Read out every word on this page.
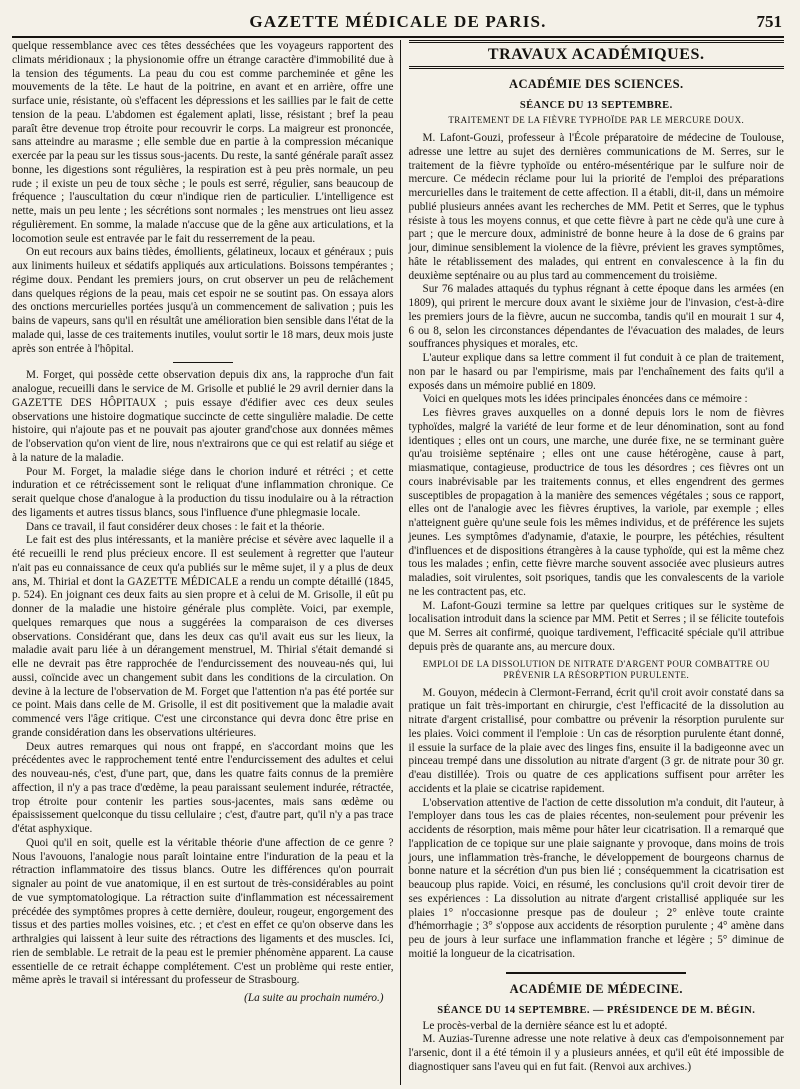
GAZETTE MÉDICALE DE PARIS.	751

quelque ressemblance avec ces têtes desséchées que les voyageurs rapportent des climats méridionaux ; la physionomie offre un étrange caractère d'immobilité due à la tension des téguments. La peau du cou est comme parcheminée et gêne les mouvements de la tête. Le haut de la poitrine, en avant et en arrière, offre une surface unie, résistante, où s'effacent les dépressions et les saillies par le fait de cette tension de la peau. L'abdomen est également aplati, lisse, résistant ; bref la peau paraît être devenue trop étroite pour recouvrir le corps. La maigreur est prononcée, sans atteindre au marasme ; elle semble due en partie à la compression mécanique exercée par la peau sur les tissus sous-jacents. Du reste, la santé générale paraît assez bonne, les digestions sont régulières, la respiration est à peu près normale, un peu rude ; il existe un peu de toux sèche ; le pouls est serré, régulier, sans beaucoup de fréquence ; l'auscultation du cœur n'indique rien de particulier. L'intelligence est nette, mais un peu lente ; les sécrétions sont normales ; les menstrues ont lieu assez régulièrement. En somme, la malade n'accuse que de la gêne aux articulations, et la locomotion seule est entravée par le fait du resserrement de la peau.

On eut recours aux bains tièdes, émollients, gélatineux, locaux et généraux ; puis aux liniments huileux et sédatifs appliqués aux articulations. Boissons tempérantes ; régime doux. Pendant les premiers jours, on crut observer un peu de relâchement dans quelques régions de la peau, mais cet espoir ne se soutint pas. On essaya alors des onctions mercurielles portées jusqu'à un commencement de salivation ; puis les bains de vapeurs, sans qu'il en résultât une amélioration bien sensible dans l'état de la malade qui, lasse de ces traitements inutiles, voulut sortir le 18 mars, deux mois juste après son entrée à l'hôpital.

M. Forget, qui possède cette observation depuis dix ans, la rapproche d'un fait analogue, recueilli dans le service de M. Grisolle et publié le 29 avril dernier dans la GAZETTE DES HÔPITAUX ; puis essaye d'édifier avec ces deux seules observations une histoire dogmatique succincte de cette singulière maladie. De cette histoire, qui n'ajoute pas et ne pouvait pas ajouter grand'chose aux données mêmes de l'observation qu'on vient de lire, nous n'extrairons que ce qui est relatif au siége et à la nature de la maladie.

Pour M. Forget, la maladie siége dans le chorion induré et rétréci ; et cette induration et ce rétrécissement sont le reliquat d'une inflammation chronique. Ce serait quelque chose d'analogue à la production du tissu inodulaire ou à la rétraction des ligaments et autres tissus blancs, sous l'influence d'une phlegmasie locale.

Dans ce travail, il faut considérer deux choses : le fait et la théorie.

Le fait est des plus intéressants, et la manière précise et sévère avec laquelle il a été recueilli le rend plus précieux encore. Il est seulement à regretter que l'auteur n'ait pas eu connaissance de ceux qu'a publiés sur le même sujet, il y a plus de deux ans, M. Thirial et dont la GAZETTE MÉDICALE a rendu un compte détaillé (1845, p. 524). En joignant ces deux faits au sien propre et à celui de M. Grisolle, il eût pu donner de la maladie une histoire générale plus complète. Voici, par exemple, quelques remarques que nous a suggérées la comparaison de ces diverses observations. Considérant que, dans les deux cas qu'il avait eus sur les lieux, la maladie avait paru liée à un dérangement menstruel, M. Thirial s'était demandé si elle ne devrait pas être rapprochée de l'endurcissement des nouveau-nés qui, lui aussi, coïncide avec un changement subit dans les conditions de la circulation. On devine à la lecture de l'observation de M. Forget que l'attention n'a pas été portée sur ce point. Mais dans celle de M. Grisolle, il est dit positivement que la maladie avait commencé vers l'âge critique. C'est une circonstance qui devra donc être prise en grande considération dans les observations ultérieures.

Deux autres remarques qui nous ont frappé, en s'accordant moins que les précédentes avec le rapprochement tenté entre l'endurcissement des adultes et celui des nouveau-nés, c'est, d'une part, que, dans les quatre faits connus de la première affection, il n'y a pas trace d'œdème, la peau paraissant seulement indurée, rétractée, trop étroite pour contenir les parties sous-jacentes, mais sans œdème ou épaississement quelconque du tissu cellulaire ; c'est, d'autre part, qu'il n'y a pas trace d'état asphyxique.

Quoi qu'il en soit, quelle est la véritable théorie d'une affection de ce genre ? Nous l'avouons, l'analogie nous paraît lointaine entre l'induration de la peau et la rétraction inflammatoire des tissus blancs. Outre les différences qu'on pourrait signaler au point de vue anatomique, il en est surtout de très-considérables au point de vue symptomatologique. La rétraction suite d'inflammation est nécessairement précédée des symptômes propres à cette dernière, douleur, rougeur, engorgement des tissus et des parties molles voisines, etc. ; et c'est en effet ce qu'on observe dans les arthralgies qui laissent à leur suite des rétractions des ligaments et des muscles. Ici, rien de semblable. Le retrait de la peau est le premier phénomène apparent. La cause essentielle de ce retrait échappe complétement. C'est un problème qui reste entier, même après le travail si intéressant du professeur de Strasbourg.

(La suite au prochain numéro.)
TRAVAUX ACADÉMIQUES.
ACADÉMIE DES SCIENCES.
SÉANCE DU 13 SEPTEMBRE.
TRAITEMENT DE LA FIÈVRE TYPHOÏDE PAR LE MERCURE DOUX.

M. Lafont-Gouzi, professeur à l'École préparatoire de médecine de Toulouse, adresse une lettre au sujet des dernières communications de M. Serres, sur le traitement de la fièvre typhoïde ou entéro-mésentérique par le sulfure noir de mercure. Ce médecin réclame pour lui la priorité de l'emploi des préparations mercurielles dans le traitement de cette affection. Il a établi, dit-il, dans un mémoire publié plusieurs années avant les recherches de MM. Petit et Serres, que le typhus résiste à tous les moyens connus, et que cette fièvre à part ne cède qu'à une cure à part ; que le mercure doux, administré de bonne heure à la dose de 6 grains par jour, diminue sensiblement la violence de la fièvre, prévient les graves symptômes, hâte le rétablissement des malades, qui entrent en convalescence à la fin du deuxième septénaire ou au plus tard au commencement du troisième.

Sur 76 malades attaqués du typhus régnant à cette époque dans les armées (en 1809), qui prirent le mercure doux avant le sixième jour de l'invasion, c'est-à-dire les premiers jours de la fièvre, aucun ne succomba, tandis qu'il en mourait 1 sur 4, 6 ou 8, selon les circonstances dépendantes de l'évacuation des malades, de leurs souffrances physiques et morales, etc.

L'auteur explique dans sa lettre comment il fut conduit à ce plan de traitement, non par le hasard ou par l'empirisme, mais par l'enchaînement des faits qu'il a exposés dans un mémoire publié en 1809.

Voici en quelques mots les idées principales énoncées dans ce mémoire :

Les fièvres graves auxquelles on a donné depuis lors le nom de fièvres typhoïdes, malgré la variété de leur forme et de leur dénomination, sont au fond identiques ; elles ont un cours, une marche, une durée fixe, ne se terminant guère qu'au troisième septénaire ; elles ont une cause hétérogène, cause à part, miasmatique, contagieuse, productrice de tous les désordres ; ces fièvres ont un cours inabrévisable par les traitements connus, et elles engendrent des germes susceptibles de propagation à la manière des semences végétales ; sous ce rapport, elles ont de l'analogie avec les fièvres éruptives, la variole, par exemple ; elles n'atteignent guère qu'une seule fois les mêmes individus, et de préférence les sujets jeunes. Les symptômes d'adynamie, d'ataxie, le pourpre, les pétéchies, résultent d'influences et de dispositions étrangères à la cause typhoïde, qui est la même chez tous les malades ; enfin, cette fièvre marche souvent associée avec plusieurs autres maladies, soit virulentes, soit psoriques, tandis que les convalescents de la variole ne les contractent pas, etc.

M. Lafont-Gouzi termine sa lettre par quelques critiques sur le système de localisation introduit dans la science par MM. Petit et Serres ; il se félicite toutefois que M. Serres ait confirmé, quoique tardivement, l'efficacité spéciale qu'il attribue depuis près de quarante ans, au mercure doux.

EMPLOI DE LA DISSOLUTION DE NITRATE D'ARGENT POUR COMBATTRE OU PRÉVENIR LA RÉSORPTION PURULENTE.

M. Gouyon, médecin à Clermont-Ferrand, écrit qu'il croit avoir constaté dans sa pratique un fait très-important en chirurgie, c'est l'efficacité de la dissolution au nitrate d'argent cristallisé, pour combattre ou prévenir la résorption purulente sur les plaies. Voici comment il l'emploie : Un cas de résorption purulente étant donné, il essuie la surface de la plaie avec des linges fins, ensuite il la badigeonne avec un pinceau trempé dans une dissolution au nitrate d'argent (3 gr. de nitrate pour 30 gr. d'eau distillée). Trois ou quatre de ces applications suffisent pour arrêter les accidents et la plaie se cicatrise rapidement.

L'observation attentive de l'action de cette dissolution m'a conduit, dit l'auteur, à l'employer dans tous les cas de plaies récentes, non-seulement pour prévenir les accidents de résorption, mais même pour hâter leur cicatrisation. Il a remarqué que l'application de ce topique sur une plaie saignante y provoque, dans moins de trois jours, une inflammation très-franche, le développement de bourgeons charnus de bonne nature et la sécrétion d'un pus bien lié ; conséquemment la cicatrisation est beaucoup plus rapide. Voici, en résumé, les conclusions qu'il croit devoir tirer de ses expériences : La dissolution au nitrate d'argent cristallisé appliquée sur les plaies 1° n'occasionne presque pas de douleur ; 2° enlève toute crainte d'hémorrhagie ; 3° s'oppose aux accidents de résorption purulente ; 4° amène dans peu de jours à leur surface une inflammation franche et légère ; 5° diminue de moitié la longueur de la cicatrisation.

ACADÉMIE DE MÉDECINE.
SÉANCE DU 14 SEPTEMBRE. — PRÉSIDENCE DE M. BÉGIN.

Le procès-verbal de la dernière séance est lu et adopté.

M. Auzias-Turenne adresse une note relative à deux cas d'empoisonnement par l'arsenic, dont il a été témoin il y a plusieurs années, et qu'il eût été impossible de diagnostiquer sans l'aveu qui en fut fait. (Renvoi aux archives.)
